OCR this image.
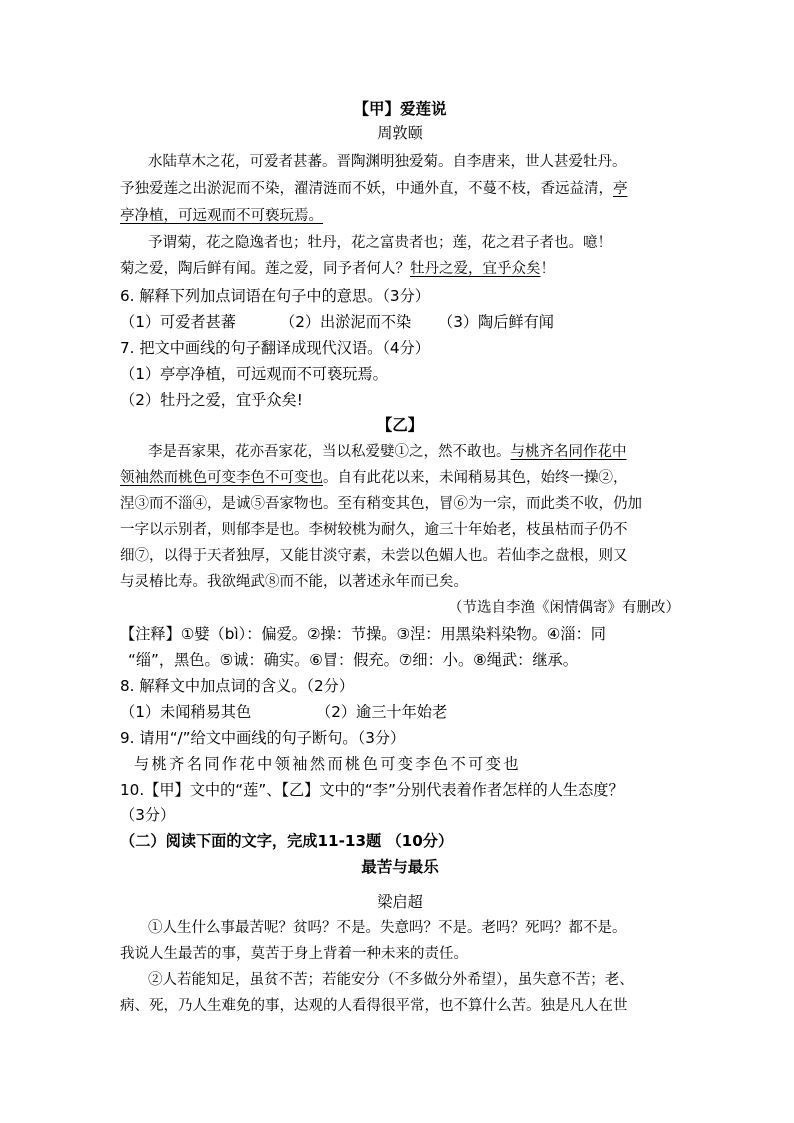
【甲】爱莲说
周敦颐
水陆草木之花，可爱者甚蕃。晋陶渊明独爱菊。自李唐来，世人甚爱牡丹。
予独爱莲之出淤泥而不染，濯清涟而不妖，中通外直，不蔓不枝，香远益清，亭
亭净植，可远观而不可亵玩焉。
予谓菊，花之隐逸者也；牡丹，花之富贵者也；莲，花之君子者也。噫！
菊之爱，陶后鲜有闻。莲之爱，同予者何人？牡丹之爱，宜乎众矣！
6. 解释下列加点词语在句子中的意思。（3分）
（1）可爱者甚蕃	（2）出淤泥而不染 （3）陶后鲜有闻
7. 把文中画线的句子翻译成现代汉语。（4分）
（1）亭亭净植，可远观而不可亵玩焉。
（2）牡丹之爱，宜乎众矣!
【乙】
李是吾家果，花亦吾家花，当以私爱嬖①之，然不敢也。与桃齐名同作花中
领袖然而桃色可变李色不可变也。自有此花以来，未闻稍易其色，始终一操②，
涅③而不淄④，是诚⑤吾家物也。至有稍变其色，冒⑥为一宗，而此类不收，仍加
一字以示别者，则郁李是也。李树较桃为耐久，逾三十年始老，枝虽枯而子仍不
细⑦，以得于天者独厚，又能甘淡守素，未尝以色媚人也。若仙李之盘根，则又
与灵椿比寿。我欲绳武⑧而不能，以著述永年而已矣。
（节选自李渔《闲情偶寄》有删改）
【注释】①嬖（bì）：偏爱。②操：节操。③涅：用黑染料染物。④淄：同
“缁”，黑色。⑤诚：确实。⑥冒：假充。⑦细：小。⑧绳武：继承。
8. 解释文中加点词的含义。（2分）
（1）未闻稍易其色	（2）逾三十年始老
9. 请用“/”给文中画线的句子断句。（3分）
与桃齐名同作花中领袖然而桃色可变李色不可变也
10.【甲】文中的“莲”、【乙】文中的“李”分别代表着作者怎样的人生态度？
（3分）
（二）阅读下面的文字，完成11-13题 （10分）
最苦与最乐
梁启超
①人生什么事最苦呢？贫吗？不是。失意吗？不是。老吗？死吗？都不是。
我说人生最苦的事，莫苦于身上背着一种未来的责任。
②人若能知足，虽贫不苦；若能安分（不多做分外希望），虽失意不苦；老、
病、死，乃人生难免的事，达观的人看得很平常，也不算什么苦。独是凡人在世
